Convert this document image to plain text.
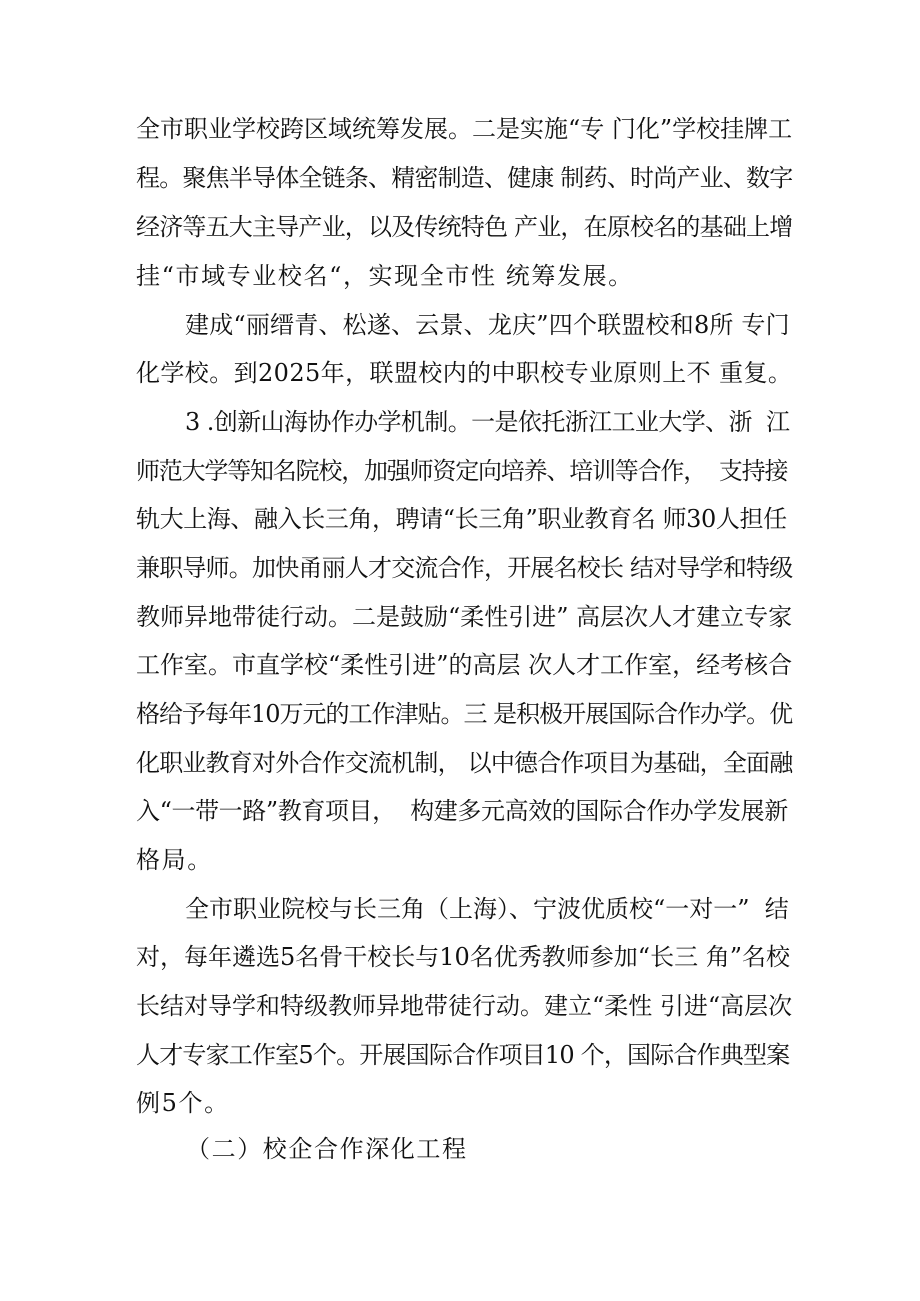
全市职业学校跨区域统筹发展。二是实施“专 门化”学校挂牌工
程。聚焦半导体全链条、精密制造、健康 制药、时尚产业、数字
经济等五大主导产业，以及传统特色 产业，在原校名的基础上增
挂“市域专业校名“，实现全市性 统筹发展。
建成“丽缙青、松遂、云景、龙庆”四个联盟校和8所 专门
化学校。到2025年，联盟校内的中职校专业原则上不 重复。
3 .创新山海协作办学机制。一是依托浙江工业大学、浙  江
师范大学等知名院校，加强师资定向培养、培训等合作，  支持接
轨大上海、融入长三角，聘请“长三角”职业教育名 师30人担任
兼职导师。加快甬丽人才交流合作，开展名校长 结对导学和特级
教师异地带徒行动。二是鼓励“柔性引进” 高层次人才建立专家
工作室。市直学校“柔性引进”的高层 次人才工作室，经考核合
格给予每年10万元的工作津贴。三 是积极开展国际合作办学。优
化职业教育对外合作交流机制， 以中德合作项目为基础，全面融
入“一带一路”教育项目，  构建多元高效的国际合作办学发展新
格局。
全市职业院校与长三角（上海）、宁波优质校“一对一”  结
对，每年遴选5名骨干校长与10名优秀教师参加“长三 角”名校
长结对导学和特级教师异地带徒行动。建立“柔性 引进“高层次
人才专家工作室5个。开展国际合作项目10 个，国际合作典型案
例5个。
（二）校企合作深化工程
